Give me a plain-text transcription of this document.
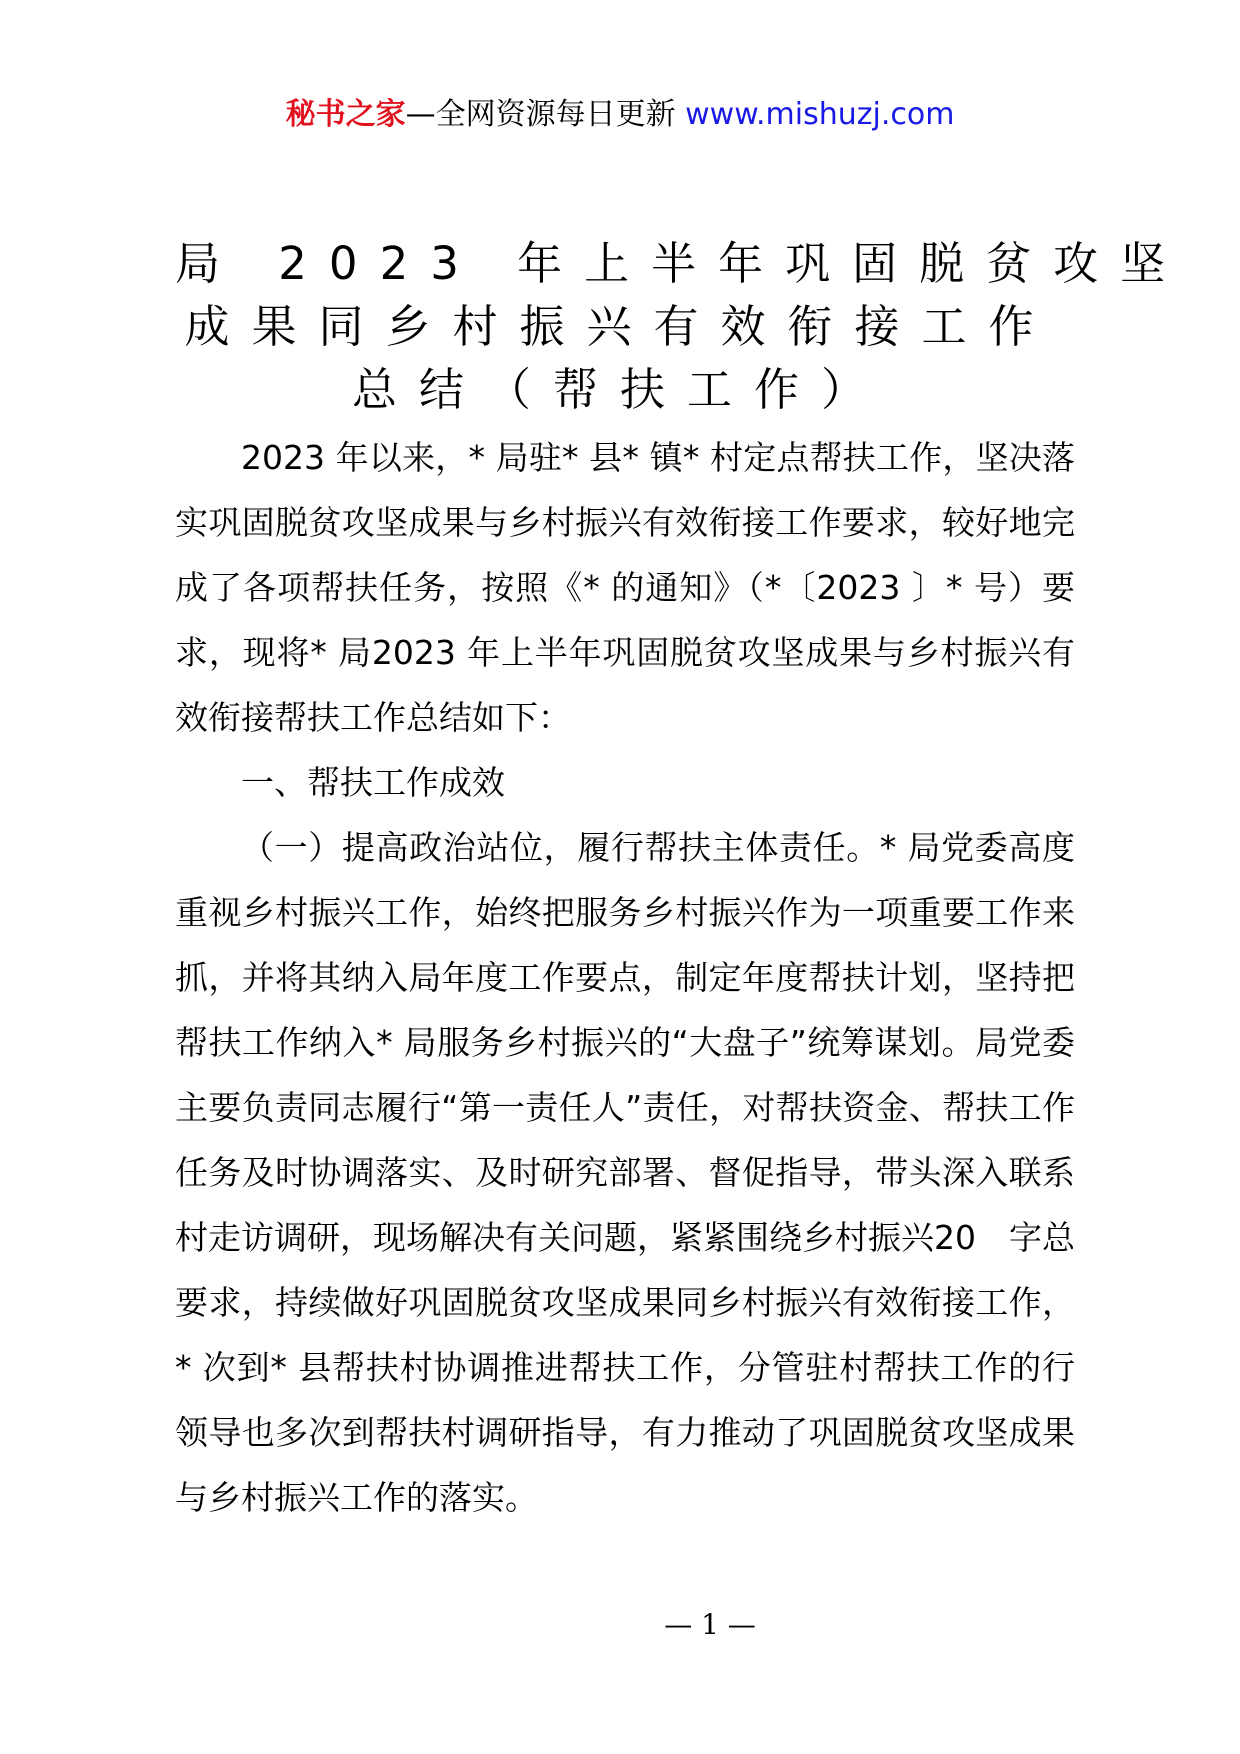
秘书之家—全网资源每日更新 www.mishuzj.com
局 2023 年上半年巩固脱贫攻坚
成果同乡村振兴有效衔接工作
总结（帮扶工作）

2023 年以来，* 局驻* 县* 镇* 村定点帮扶工作，坚决落实巩固脱贫攻坚成果与乡村振兴有效衔接工作要求，较好地完成了各项帮扶任务，按照《* 的通知》（*〔2023 〕* 号）要求，现将* 局2023 年上半年巩固脱贫攻坚成果与乡村振兴有效衔接帮扶工作总结如下：

一、帮扶工作成效

（一）提高政治站位，履行帮扶主体责任。* 局党委高度重视乡村振兴工作，始终把服务乡村振兴作为一项重要工作来抓，并将其纳入局年度工作要点，制定年度帮扶计划，坚持把帮扶工作纳入* 局服务乡村振兴的“大盘子”统筹谋划。局党委主要负责同志履行“第一责任人”责任，对帮扶资金、帮扶工作任务及时协调落实、及时研究部署、督促指导，带头深入联系村走访调研，现场解决有关问题，紧紧围绕乡村振兴20　字总要求，持续做好巩固脱贫攻坚成果同乡村振兴有效衔接工作，* 次到* 县帮扶村协调推进帮扶工作，分管驻村帮扶工作的行领导也多次到帮扶村调研指导，有力推动了巩固脱贫攻坚成果与乡村振兴工作的落实。

— 1 —
